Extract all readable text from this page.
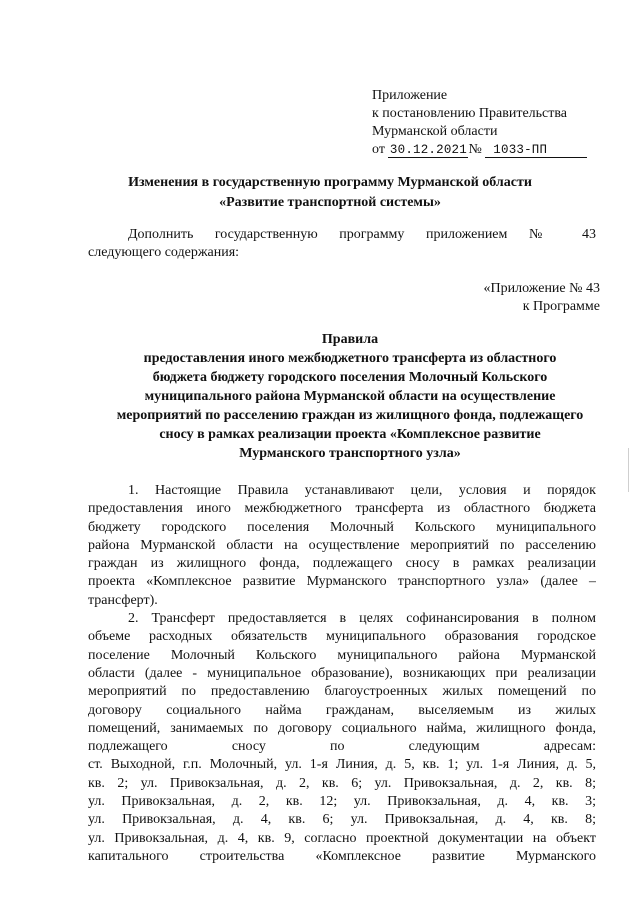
Приложение
к постановлению Правительства
Мурманской области
от 30.12.2021 № 1033-ПП
Изменения в государственную программу Мурманской области
«Развитие транспортной системы»

Дополнить государственную программу приложением № 43

следующего содержания:
«Приложение № 43
к Программе
Правила
предоставления иного межбюджетного трансферта из областного
бюджета бюджету городского поселения Молочный Кольского
муниципального района Мурманской области на осуществление
мероприятий по расселению граждан из жилищного фонда, подлежащего
сносу в рамках реализации проекта «Комплексное развитие
Мурманского транспортного узла»
1. Настоящие Правила устанавливают цели, условия и порядок
предоставления иного межбюджетного трансферта из областного бюджета
бюджету городского поселения Молочный Кольского муниципального
района Мурманской области на осуществление мероприятий по расселению
граждан из жилищного фонда, подлежащего сносу в рамках реализации
проекта «Комплексное развитие Мурманского транспортного узла» (далее –
трансферт).
2. Трансферт предоставляется в целях софинансирования в полном
объеме расходных обязательств муниципального образования городское
поселение Молочный Кольского муниципального района Мурманской
области (далее - муниципальное образование), возникающих при реализации
мероприятий по предоставлению благоустроенных жилых помещений по
договору социального найма гражданам, выселяемым из жилых
помещений, занимаемых по договору социального найма, жилищного фонда,
подлежащего сносу по следующим адресам:
ст. Выходной, г.п. Молочный, ул. 1-я Линия, д. 5, кв. 1; ул. 1-я Линия, д. 5,
кв. 2; ул. Привокзальная, д. 2, кв. 6; ул. Привокзальная, д. 2, кв. 8;
ул. Привокзальная, д. 2, кв. 12; ул. Привокзальная, д. 4, кв. 3;
ул. Привокзальная, д. 4, кв. 6; ул. Привокзальная, д. 4, кв. 8;
ул. Привокзальная, д. 4, кв. 9, согласно проектной документации на объект
капитального строительства «Комплексное развитие Мурманского
